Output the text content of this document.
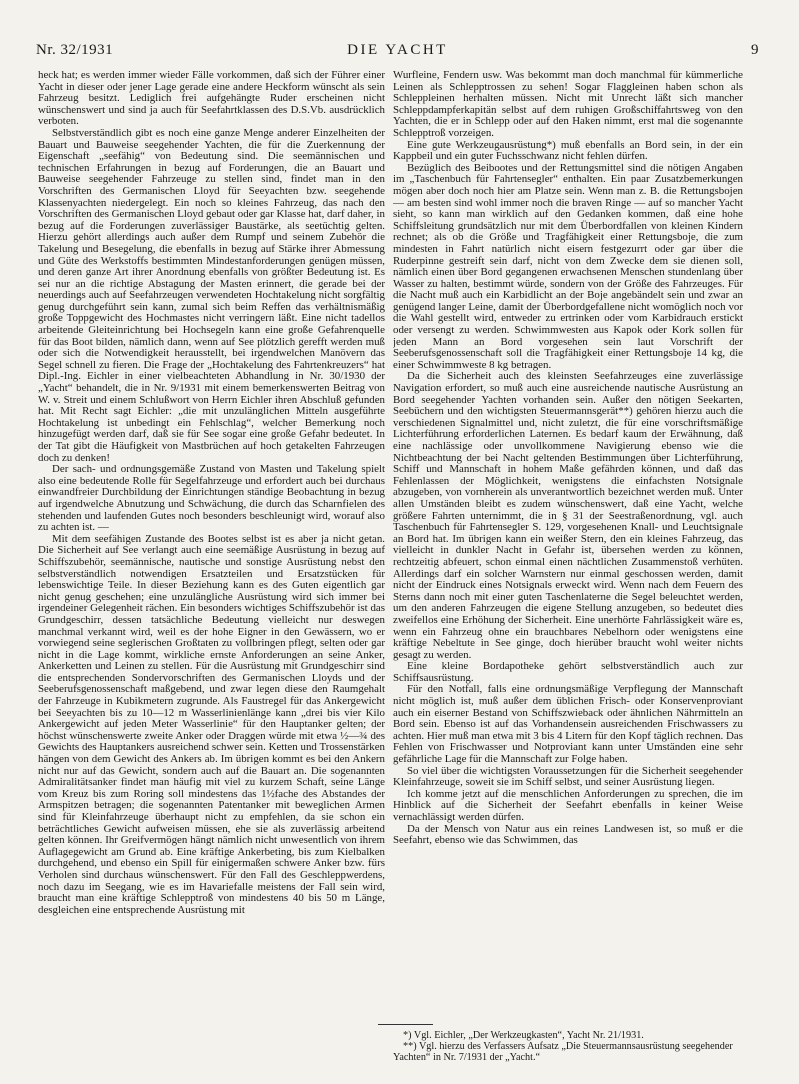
Nr. 32/1931	DIE YACHT	9

heck hat; es werden immer wieder Fälle vorkommen, daß sich der Führer einer Yacht in dieser oder jener Lage gerade eine andere Heckform wünscht als sein Fahrzeug besitzt. Lediglich frei aufgehängte Ruder erscheinen nicht wünschenswert und sind ja auch für Seefahrtklassen des D.S.Vb. ausdrücklich verboten.

Selbstverständlich gibt es noch eine ganze Menge anderer Einzelheiten der Bauart und Bauweise seegehender Yachten, die für die Zuerkennung der Eigenschaft „seefähig“ von Bedeutung sind. Die seemännischen und technischen Erfahrungen in bezug auf Forderungen, die an Bauart und Bauweise seegehender Fahrzeuge zu stellen sind, findet man in den Vorschriften des Germanischen Lloyd für Seeyachten bzw. seegehende Klassenyachten niedergelegt. Ein noch so kleines Fahrzeug, das nach den Vorschriften des Germanischen Lloyd gebaut oder gar Klasse hat, darf daher, in bezug auf die Forderungen zuverlässiger Baustärke, als seetüchtig gelten. Hierzu gehört allerdings auch außer dem Rumpf und seinem Zubehör die Takelung und Besegelung, die ebenfalls in bezug auf Stärke ihrer Abmessung und Güte des Werkstoffs bestimmten Mindestanforderungen genügen müssen, und deren ganze Art ihrer Anordnung ebenfalls von größter Bedeutung ist. Es sei nur an die richtige Abstagung der Masten erinnert, die gerade bei der neuerdings auch auf Seefahrzeugen verwendeten Hochtakelung nicht sorgfältig genug durchgeführt sein kann, zumal sich beim Reffen das verhältnismäßig große Toppgewicht des Hochmastes nicht verringern läßt. Eine nicht tadellos arbeitende Gleiteinrichtung bei Hochsegeln kann eine große Gefahrenquelle für das Boot bilden, nämlich dann, wenn auf See plötzlich gerefft werden muß oder sich die Notwendigkeit herausstellt, bei irgendwelchen Manövern das Segel schnell zu fieren. Die Frage der „Hochtakelung des Fahrtenkreuzers“ hat Dipl.-Ing. Eichler in einer vielbeachteten Abhandlung in Nr. 30/1930 der „Yacht“ behandelt, die in Nr. 9/1931 mit einem bemerkenswerten Beitrag von W. v. Streit und einem Schlußwort von Herrn Eichler ihren Abschluß gefunden hat. Mit Recht sagt Eichler: „die mit unzulänglichen Mitteln ausgeführte Hochtakelung ist unbedingt ein Fehlschlag“, welcher Bemerkung noch hinzugefügt werden darf, daß sie für See sogar eine große Gefahr bedeutet. In der Tat gibt die Häufigkeit von Mastbrüchen auf hoch getakelten Fahrzeugen doch zu denken!

Der sach- und ordnungsgemäße Zustand von Masten und Takelung spielt also eine bedeutende Rolle für Segelfahrzeuge und erfordert auch bei durchaus einwandfreier Durchbildung der Einrichtungen ständige Beobachtung in bezug auf irgendwelche Abnutzung und Schwächung, die durch das Scharnfielen des stehenden und laufenden Gutes noch besonders beschleunigt wird, worauf also zu achten ist. —

Mit dem seefähigen Zustande des Bootes selbst ist es aber ja nicht getan. Die Sicherheit auf See verlangt auch eine seemäßige Ausrüstung in bezug auf Schiffszubehör, seemännische, nautische und sonstige Ausrüstung nebst den selbstverständlich notwendigen Ersatzteilen und Ersatzstücken für lebenswichtige Teile. In dieser Beziehung kann es des Guten eigentlich gar nicht genug geschehen; eine unzulängliche Ausrüstung wird sich immer bei irgendeiner Gelegenheit rächen. Ein besonders wichtiges Schiffszubehör ist das Grundgeschirr, dessen tatsächliche Bedeutung vielleicht nur deswegen manchmal verkannt wird, weil es der hohe Eigner in den Gewässern, wo er vorwiegend seine seglerischen Großtaten zu vollbringen pflegt, selten oder gar nicht in die Lage kommt, wirkliche ernste Anforderungen an seine Anker, Ankerketten und Leinen zu stellen. Für die Ausrüstung mit Grundgeschirr sind die entsprechenden Sondervorschriften des Germanischen Lloyds und der Seeberufsgenossenschaft maßgebend, und zwar legen diese den Raumgehalt der Fahrzeuge in Kubikmetern zugrunde. Als Faustregel für das Ankergewicht bei Seeyachten bis zu 10—12 m Wasserlinienlänge kann „drei bis vier Kilo Ankergewicht auf jeden Meter Wasserlinie“ für den Hauptanker gelten; der höchst wünschenswerte zweite Anker oder Draggen würde mit etwa ½—¾ des Gewichts des Hauptankers ausreichend schwer sein. Ketten und Trossenstärken hängen von dem Gewicht des Ankers ab. Im übrigen kommt es bei den Ankern nicht nur auf das Gewicht, sondern auch auf die Bauart an. Die sogenannten Admiralitätsanker findet man häufig mit viel zu kurzem Schaft, seine Länge vom Kreuz bis zum Roring soll mindestens das 1½fache des Abstandes der Armspitzen betragen; die sogenannten Patentanker mit beweglichen Armen sind für Kleinfahrzeuge überhaupt nicht zu empfehlen, da sie schon ein beträchtliches Gewicht aufweisen müssen, ehe sie als zuverlässig arbeitend gelten können. Ihr Greifvermögen hängt nämlich nicht unwesentlich von ihrem Auflagegewicht am Grund ab. Eine kräftige Ankerbeting, bis zum Kielbalken durchgehend, und ebenso ein Spill für einigermaßen schwere Anker bzw. fürs Verholen sind durchaus wünschenswert. Für den Fall des Geschleppwerdens, noch dazu im Seegang, wie es im Havariefalle meistens der Fall sein wird, braucht man eine kräftige Schlepptroß von mindestens 40 bis 50 m Länge, desgleichen eine entsprechende Ausrüstung mit

Wurfleine, Fendern usw. Was bekommt man doch manchmal für kümmerliche Leinen als Schlepptrossen zu sehen! Sogar Flaggleinen haben schon als Schleppleinen herhalten müssen. Nicht mit Unrecht läßt sich mancher Schleppdampferkapitän selbst auf dem ruhigen Großschiffahrtsweg von den Yachten, die er in Schlepp oder auf den Haken nimmt, erst mal die sogenannte Schlepptroß vorzeigen.

Eine gute Werkzeugausrüstung*) muß ebenfalls an Bord sein, in der ein Kappbeil und ein guter Fuchsschwanz nicht fehlen dürfen.

Bezüglich des Beibootes und der Rettungsmittel sind die nötigen Angaben im „Taschenbuch für Fahrtensegler“ enthalten. Ein paar Zusatzbemerkungen mögen aber doch noch hier am Platze sein. Wenn man z. B. die Rettungsbojen — am besten sind wohl immer noch die braven Ringe — auf so mancher Yacht sieht, so kann man wirklich auf den Gedanken kommen, daß eine hohe Schiffsleitung grundsätzlich nur mit dem Überbordfallen von kleinen Kindern rechnet; als ob die Größe und Tragfähigkeit einer Rettungsboje, die zum mindesten in Fahrt natürlich nicht eisern festgezurrt oder gar über die Ruderpinne gestreift sein darf, nicht von dem Zwecke dem sie dienen soll, nämlich einen über Bord gegangenen erwachsenen Menschen stundenlang über Wasser zu halten, bestimmt würde, sondern von der Größe des Fahrzeuges. Für die Nacht muß auch ein Karbidlicht an der Boje angebändelt sein und zwar an genügend langer Leine, damit der Überbordgefallene nicht womöglich noch vor die Wahl gestellt wird, entweder zu ertrinken oder vom Karbidrauch erstickt oder versengt zu werden. Schwimmwesten aus Kapok oder Kork sollen für jeden Mann an Bord vorgesehen sein laut Vorschrift der Seeberufsgenossenschaft soll die Tragfähigkeit einer Rettungsboje 14 kg, die einer Schwimmweste 8 kg betragen.

Da die Sicherheit auch des kleinsten Seefahrzeuges eine zuverlässige Navigation erfordert, so muß auch eine ausreichende nautische Ausrüstung an Bord seegehender Yachten vorhanden sein. Außer den nötigen Seekarten, Seebüchern und den wichtigsten Steuermannsgerät**) gehören hierzu auch die verschiedenen Signalmittel und, nicht zuletzt, die für eine vorschriftsmäßige Lichterführung erforderlichen Laternen. Es bedarf kaum der Erwähnung, daß eine nachlässige oder unvollkommene Navigierung ebenso wie die Nichtbeachtung der bei Nacht geltenden Bestimmungen über Lichterführung, Schiff und Mannschaft in hohem Maße gefährden können, und daß das Fehlenlassen der Möglichkeit, wenigstens die einfachsten Notsignale abzugeben, von vornherein als unverantwortlich bezeichnet werden muß. Unter allen Umständen bleibt es zudem wünschenswert, daß eine Yacht, welche größere Fahrten unternimmt, die in § 31 der Seestraßenordnung, vgl. auch Taschenbuch für Fahrtensegler S. 129, vorgesehenen Knall- und Leuchtsignale an Bord hat. Im übrigen kann ein weißer Stern, den ein kleines Fahrzeug, das vielleicht in dunkler Nacht in Gefahr ist, übersehen werden zu können, rechtzeitig abfeuert, schon einmal einen nächtlichen Zusammenstoß verhüten. Allerdings darf ein solcher Warnstern nur einmal geschossen werden, damit nicht der Eindruck eines Notsignals erweckt wird. Wenn nach dem Feuern des Sterns dann noch mit einer guten Taschenlaterne die Segel beleuchtet werden, um den anderen Fahrzeugen die eigene Stellung anzugeben, so bedeutet dies zweifellos eine Erhöhung der Sicherheit. Eine unerhörte Fahrlässigkeit wäre es, wenn ein Fahrzeug ohne ein brauchbares Nebelhorn oder wenigstens eine kräftige Nebeltute in See ginge, doch hierüber braucht wohl weiter nichts gesagt zu werden.

Eine kleine Bordapotheke gehört selbstverständlich auch zur Schiffsausrüstung.

Für den Notfall, falls eine ordnungsmäßige Verpflegung der Mannschaft nicht möglich ist, muß außer dem üblichen Frisch- oder Konservenproviant auch ein eiserner Bestand von Schiffszwieback oder ähnlichen Nährmitteln an Bord sein. Ebenso ist auf das Vorhandensein ausreichenden Frischwassers zu achten. Hier muß man etwa mit 3 bis 4 Litern für den Kopf täglich rechnen. Das Fehlen von Frischwasser und Notproviant kann unter Umständen eine sehr gefährliche Lage für die Mannschaft zur Folge haben.

So viel über die wichtigsten Voraussetzungen für die Sicherheit seegehender Kleinfahrzeuge, soweit sie im Schiff selbst, und seiner Ausrüstung liegen.

Ich komme jetzt auf die menschlichen Anforderungen zu sprechen, die im Hinblick auf die Sicherheit der Seefahrt ebenfalls in keiner Weise vernachlässigt werden dürfen.

Da der Mensch von Natur aus ein reines Landwesen ist, so muß er die Seefahrt, ebenso wie das Schwimmen, das

*) Vgl. Eichler, „Der Werkzeugkasten“, Yacht Nr. 21/1931.

**) Vgl. hierzu des Verfassers Aufsatz „Die Steuermannsausrüstung seegehender Yachten“ in Nr. 7/1931 der „Yacht.“
